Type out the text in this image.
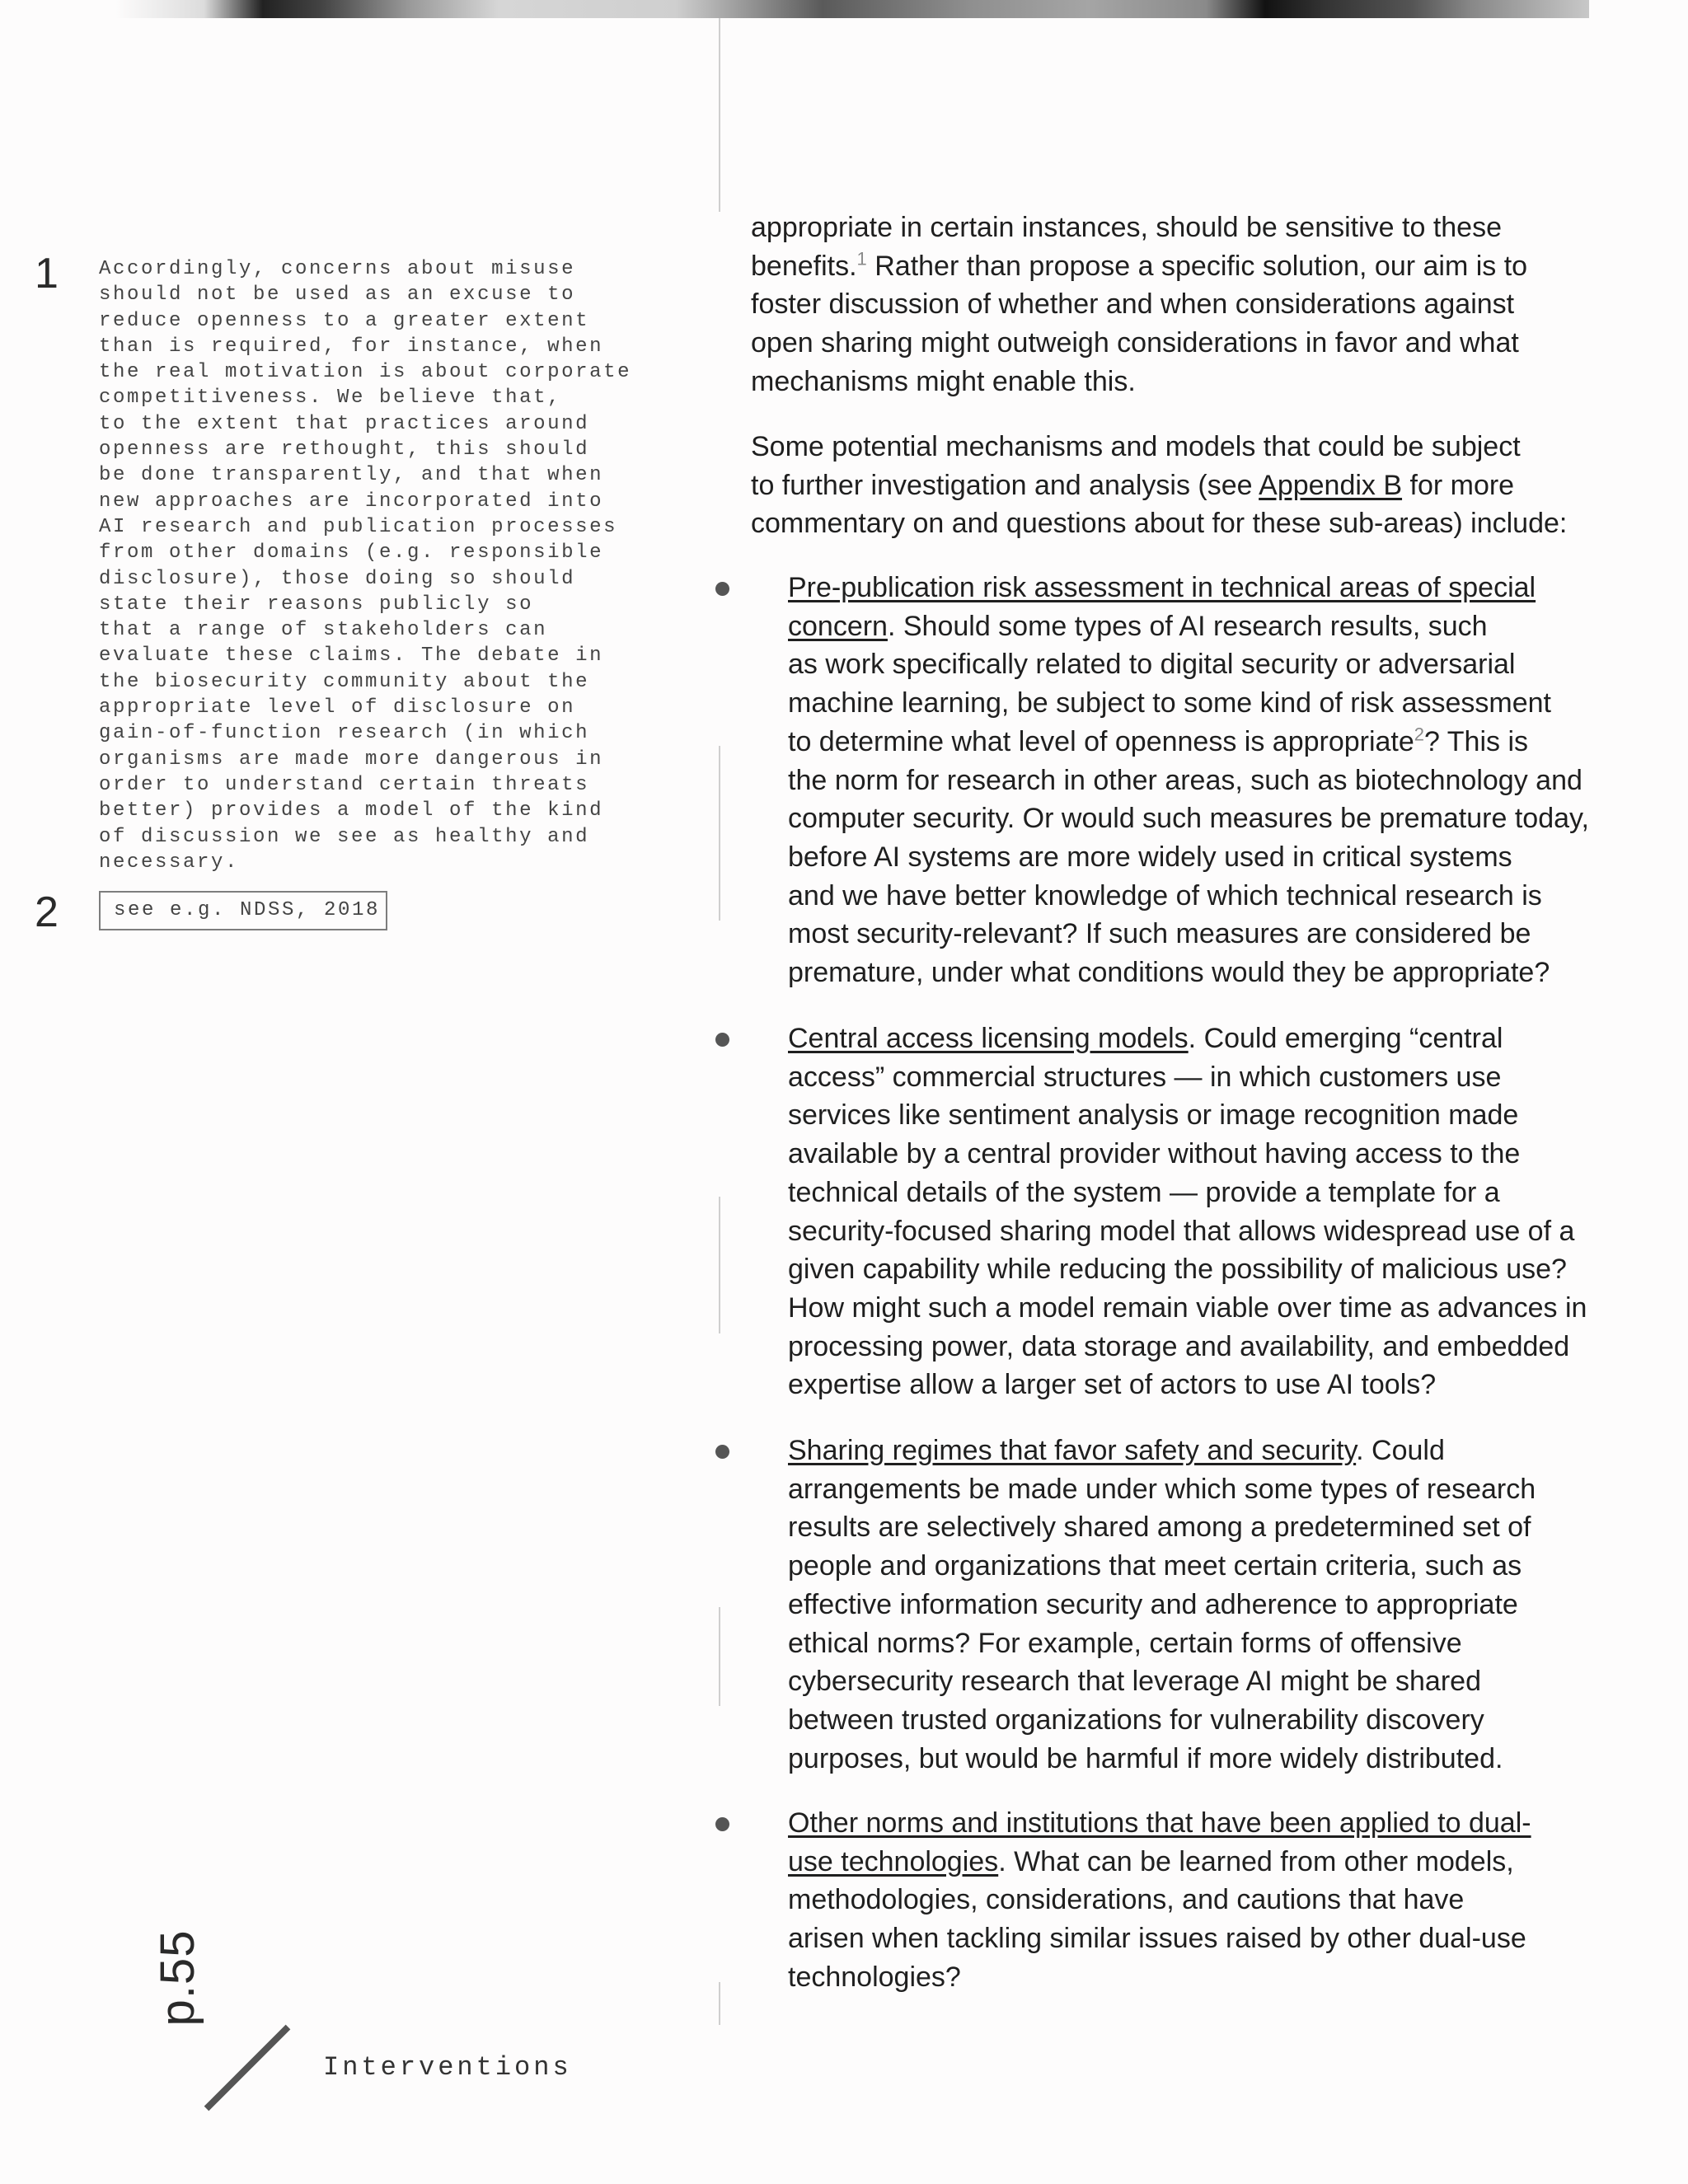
1 Accordingly, concerns about misuse
should not be used as an excuse to
reduce openness to a greater extent
than is required, for instance, when
the real motivation is about corporate
competitiveness. We believe that,
to the extent that practices around
openness are rethought, this should
be done transparently, and that when
new approaches are incorporated into
AI research and publication processes
from other domains (e.g. responsible
disclosure), those doing so should
state their reasons publicly so
that a range of stakeholders can
evaluate these claims. The debate in
the biosecurity community about the
appropriate level of disclosure on
gain-of-function research (in which
organisms are made more dangerous in
order to understand certain threats
better) provides a model of the kind
of discussion we see as healthy and
necessary.

2	see e.g. NDSS, 2018

appropriate in certain instances, should be sensitive to these
benefits.$^1$ Rather than propose a specific solution, our aim is to
foster discussion of whether and when considerations against
open sharing might outweigh considerations in favor and what
mechanisms might enable this.

Some potential mechanisms and models that could be subject
to further investigation and analysis (see Appendix B for more
commentary on and questions about for these sub-areas) include:

Pre-publication risk assessment in technical areas of special
concern. Should some types of AI research results, such
as work specifically related to digital security or adversarial
machine learning, be subject to some kind of risk assessment
to determine what level of openness is appropriate$^2$? This is
the norm for research in other areas, such as biotechnology and
computer security. Or would such measures be premature today,
before AI systems are more widely used in critical systems
and we have better knowledge of which technical research is
most security-relevant? If such measures are considered be
premature, under what conditions would they be appropriate?

Central access licensing models. Could emerging “central
access” commercial structures — in which customers use
services like sentiment analysis or image recognition made
available by a central provider without having access to the
technical details of the system — provide a template for a
security-focused sharing model that allows widespread use of a
given capability while reducing the possibility of malicious use?
How might such a model remain viable over time as advances in
processing power, data storage and availability, and embedded
expertise allow a larger set of actors to use AI tools?

Sharing regimes that favor safety and security. Could
arrangements be made under which some types of research
results are selectively shared among a predetermined set of
people and organizations that meet certain criteria, such as
effective information security and adherence to appropriate
ethical norms? For example, certain forms of offensive
cybersecurity research that leverage AI might be shared
between trusted organizations for vulnerability discovery
purposes, but would be harmful if more widely distributed.

Other norms and institutions that have been applied to dual-
use technologies. What can be learned from other models,
methodologies, considerations, and cautions that have
arisen when tackling similar issues raised by other dual-use
technologies?

p.55
Interventions
